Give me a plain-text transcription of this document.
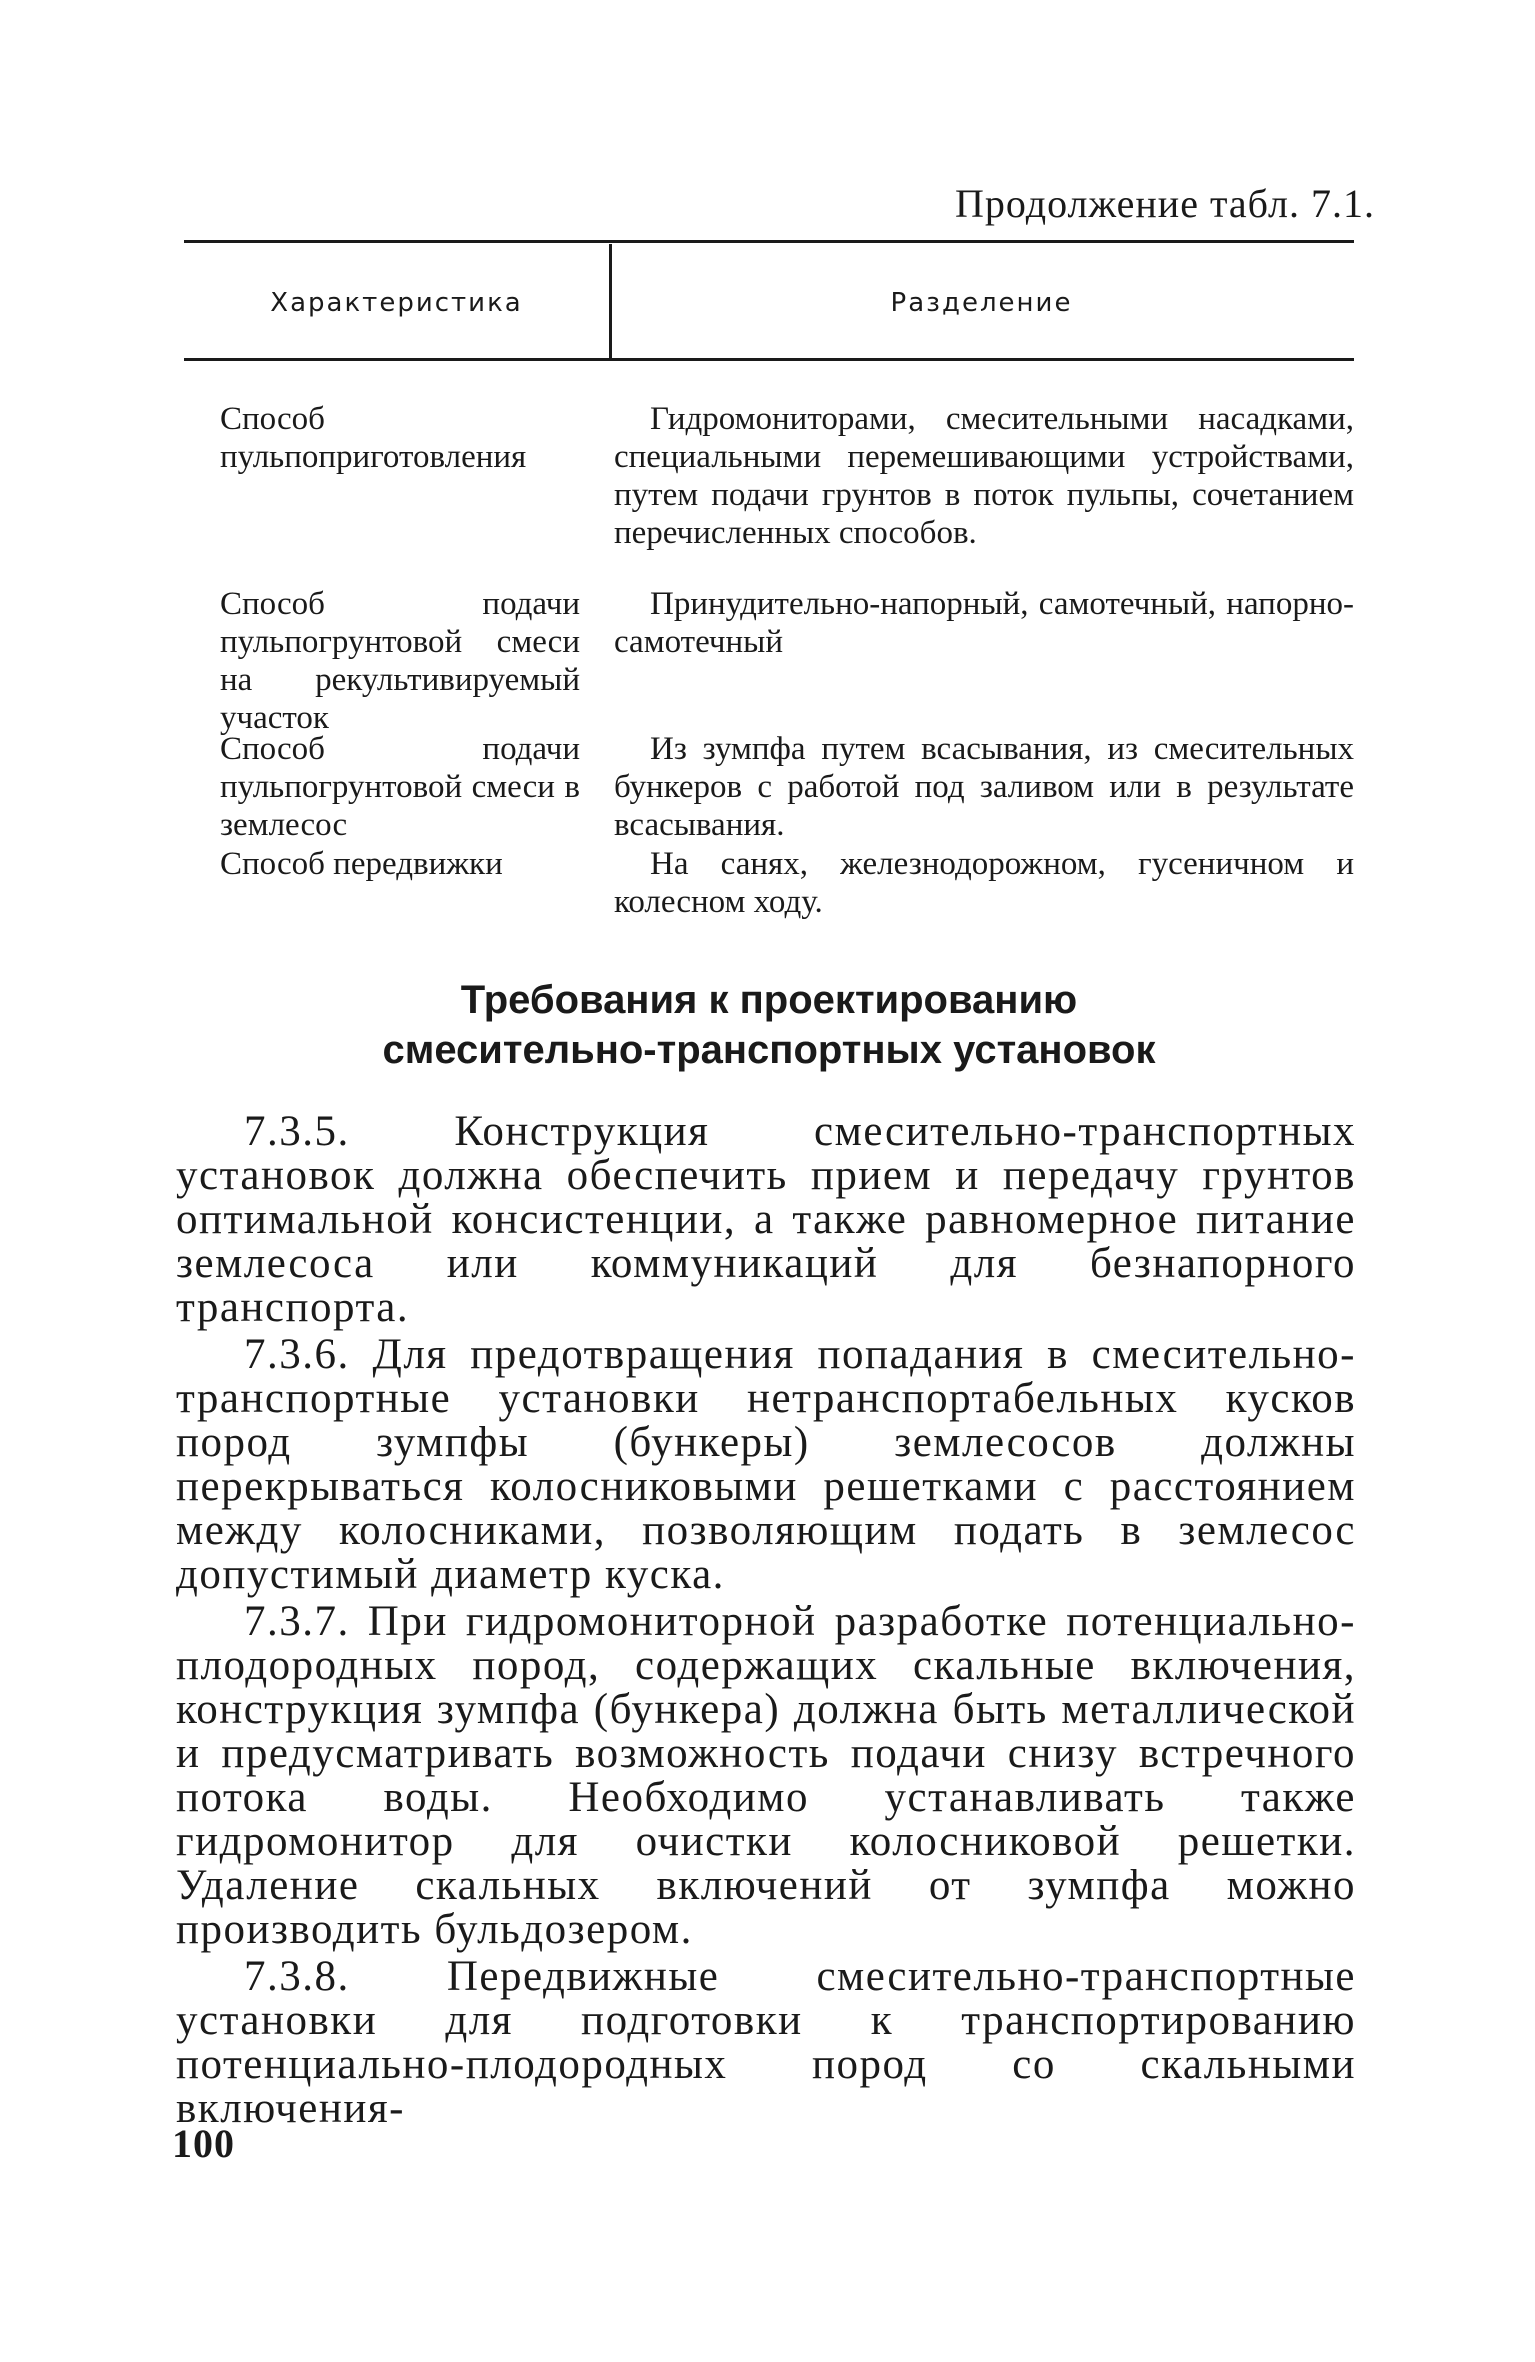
Продолжение табл. 7.1.
Характеристика	Разделение
Способ пульпоприготовления
Гидромониторами, смесительными насадками, специальными перемешивающими устройствами, путем подачи грунтов в поток пульпы, сочетанием перечисленных способов.
Способ подачи пульпогрунтовой смеси на рекультивируемый участок
Принудительно-напорный, самотечный, напорно-самотечный
Способ подачи пульпогрунтовой смеси в землесос
Из зумпфа путем всасывания, из смесительных бункеров с работой под заливом или в результате всасывания.
Способ передвижки	На санях, железнодорожном, гусеничном и колесном ходу.
Требования к проектированию
смесительно-транспортных установок

7.3.5. Конструкция смесительно-транспортных установок должна обеспечить прием и передачу грунтов оптимальной консистенции, а также равномерное питание землесоса или коммуникаций для безнапорного транспорта.

7.3.6. Для предотвращения попадания в смесительно-транспортные установки нетранспортабельных кусков пород зумпфы (бункеры) землесосов должны перекрываться колосниковыми решетками с расстоянием между колосниками, позволяющим подать в землесос допустимый диаметр куска.

7.3.7. При гидромониторной разработке потенциально-плодородных пород, содержащих скальные включения, конструкция зумпфа (бункера) должна быть металлической и предусматривать возможность подачи снизу встречного потока воды. Необходимо устанавливать также гидромонитор для очистки колосниковой решетки. Удаление скальных включений от зумпфа можно производить бульдозером.

7.3.8. Передвижные смесительно-транспортные установки для подготовки к транспортированию потенциально-плодородных пород со скальными включения-

100
